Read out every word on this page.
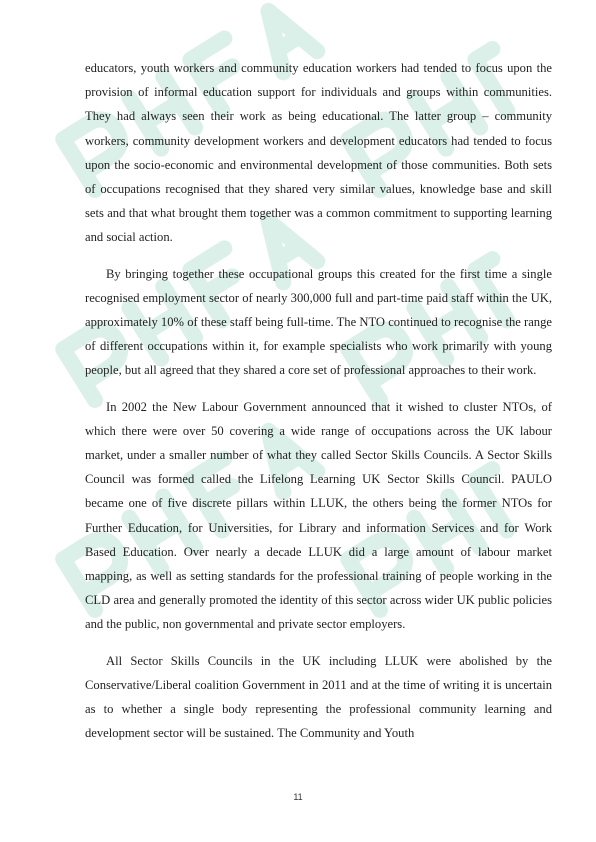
educators, youth workers and community education workers had tended to focus upon the provision of informal education support for individuals and groups within communities. They had always seen their work as being educational. The latter group – community workers, community development workers and development educators had tended to focus upon the socio-economic and environmental development of those communities. Both sets of occupations recognised that they shared very similar values, knowledge base and skill sets and that what brought them together was a common commitment to supporting learning and social action.

By bringing together these occupational groups this created for the first time a single recognised employment sector of nearly 300,000 full and part-time paid staff within the UK, approximately 10% of these staff being full-time. The NTO continued to recognise the range of different occupations within it, for example specialists who work primarily with young people, but all agreed that they shared a core set of professional approaches to their work.

In 2002 the New Labour Government announced that it wished to cluster NTOs, of which there were over 50 covering a wide range of occupations across the UK labour market, under a smaller number of what they called Sector Skills Councils. A Sector Skills Council was formed called the Lifelong Learning UK Sector Skills Council. PAULO became one of five discrete pillars within LLUK, the others being the former NTOs for Further Education, for Universities, for Library and information Services and for Work Based Education. Over nearly a decade LLUK did a large amount of labour market mapping, as well as setting standards for the professional training of people working in the CLD area and generally promoted the identity of this sector across wider UK public policies and the public, non governmental and private sector employers.

All Sector Skills Councils in the UK including LLUK were abolished by the Conservative/Liberal coalition Government in 2011 and at the time of writing it is uncertain as to whether a single body representing the professional community learning and development sector will be sustained. The Community and Youth

11
